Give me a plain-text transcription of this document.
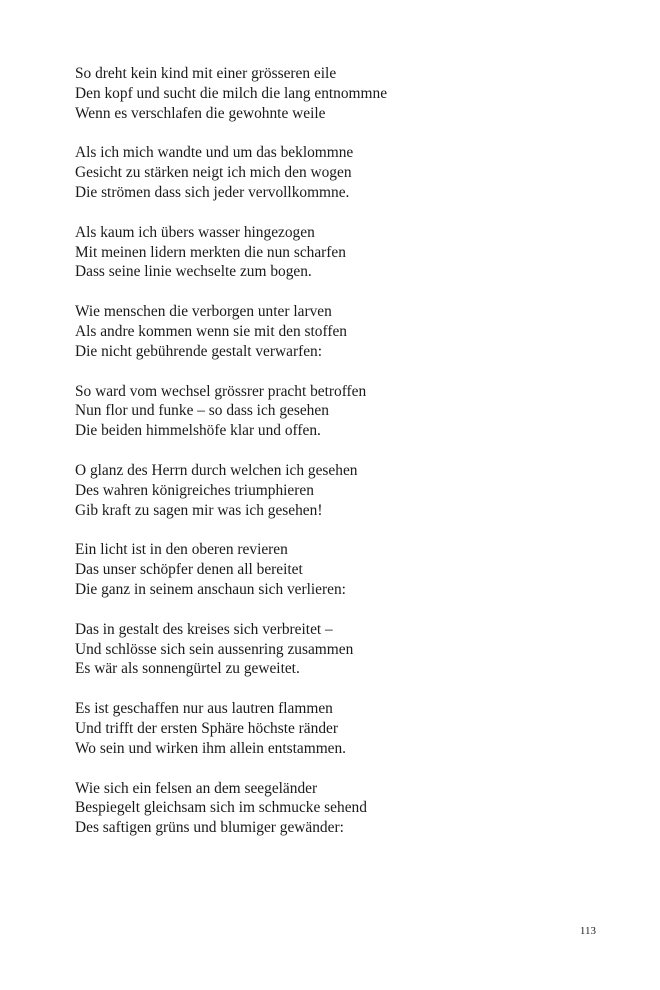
So dreht kein kind mit einer grösseren eile
Den kopf und sucht die milch die lang entnommne
Wenn es verschlafen die gewohnte weile
Als ich mich wandte und um das beklommne
Gesicht zu stärken neigt ich mich den wogen
Die strömen dass sich jeder vervollkommne.
Als kaum ich übers wasser hingezogen
Mit meinen lidern merkten die nun scharfen
Dass seine linie wechselte zum bogen.
Wie menschen die verborgen unter larven
Als andre kommen wenn sie mit den stoffen
Die nicht gebührende gestalt verwarfen:
So ward vom wechsel grössrer pracht betroffen
Nun flor und funke – so dass ich gesehen
Die beiden himmelshöfe klar und offen.
O glanz des Herrn durch welchen ich gesehen
Des wahren königreiches triumphieren
Gib kraft zu sagen mir was ich gesehen!
Ein licht ist in den oberen revieren
Das unser schöpfer denen all bereitet
Die ganz in seinem anschaun sich verlieren:
Das in gestalt des kreises sich verbreitet –
Und schlösse sich sein aussenring zusammen
Es wär als sonnengürtel zu geweitet.
Es ist geschaffen nur aus lautren flammen
Und trifft der ersten Sphäre höchste ränder
Wo sein und wirken ihm allein entstammen.
Wie sich ein felsen an dem seegeländer
Bespiegelt gleichsam sich im schmucke sehend
Des saftigen grüns und blumiger gewänder:
113
